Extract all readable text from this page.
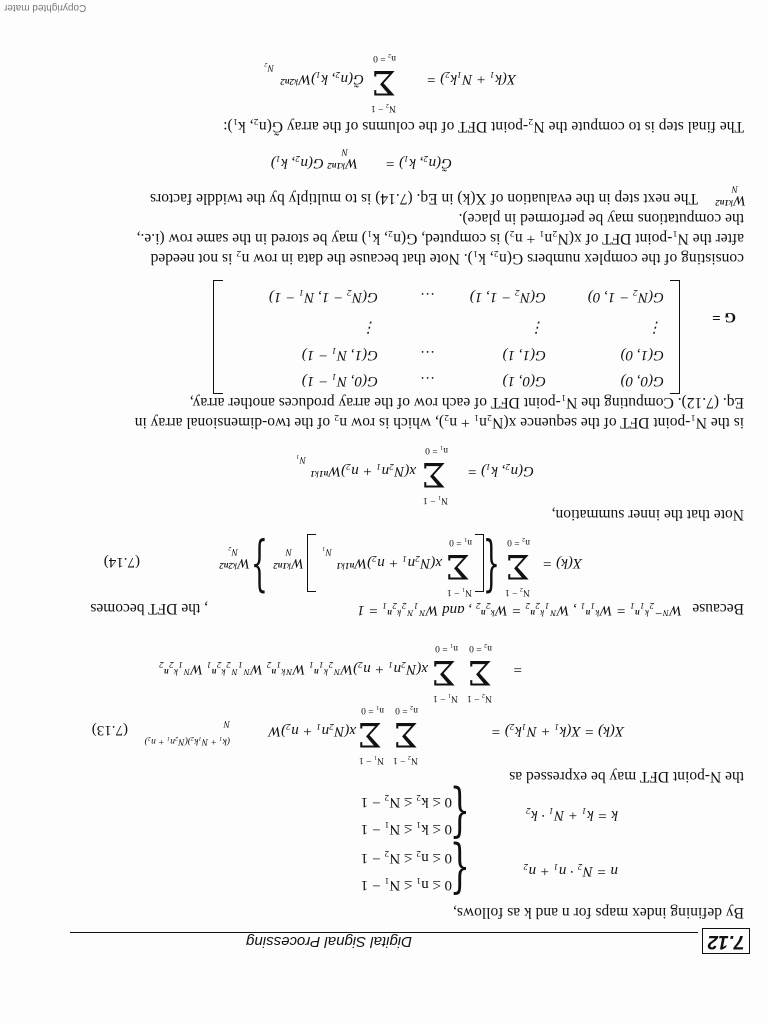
7.12
Digital Signal Processing
By defining index maps for n and k as follows,
n = N₂ · n₁ + n₂
{
0 ≤ n₁ ≤ N₁ − 1
0 ≤ n₂ ≤ N₂ − 1
k = k₁ + N₁ · k₂
{
0 ≤ k₁ ≤ N₁ − 1
0 ≤ k₂ ≤ N₂ − 1
the N-point DFT may be expressed as
X(k) = X(k₁ + N₁k₂) =
N₂ − 1
Σ
n₂ = 0
N₁ − 1
Σ
n₁ = 0
x(N₂n₁ + n₂)W
(k₁ + N₁k₂)(N₂n₁ + n₂)
N
(7.13)
=
N₂ − 1
Σ
n₂ = 0
N₁ − 1
Σ
n₁ = 0
x(N₂n₁ + n₂)Wᴺ₂ᵏ₁ⁿ₁ Wᴺᵏ₁ⁿ₂ Wᴺ₁ᴺ₂ᵏ₂ⁿ₁ Wᴺ₁ᵏ₂ⁿ₂
Because
Wᴺ⁻₂ᵏ₁ⁿ₁ = Wᵏ₁ⁿ₁ , Wᴺ₁ᵏ₂ⁿ₂ = Wᵏ₂ⁿ₂ , and Wᴺ₁ᴺ₂ᵏ₂ⁿ₁ = 1
, the DFT becomes
X(k) =
N₂ − 1
Σ
n₂ = 0
{
N₁ − 1
Σ
n₁ = 0
x(N₂n₁ + n₂)Wⁿ¹ᵏ¹
N₁
Wᵏ¹ⁿ²
N
}
Wᵏ²ⁿ²
N₂
(7.14)
Note that the inner summation,
G(n₂, k₁) =
N₁ − 1
Σ
n₁ = 0
x(N₂n₁ + n₂)Wⁿ¹ᵏ¹
N₁
is the N₁-point DFT of the sequence x(N₂n₁ + n₂), which is row n₂ of the two-dimensional array in
Eq. (7.12). Computing the N₁-point DFT of each row of the array produces another array,
G =
G(0, 0)
G(0, 1)
…
G(0, N₁ − 1)
G(1, 0)
G(1, 1)
…
G(1, N₁ − 1)
⋮
⋮
⋮
G(N₂ − 1, 0)
G(N₂ − 1, 1)
…
G(N₂ − 1, N₁ − 1)
consisting of the complex numbers G(n₂, k₁). Note that because the data in row n₂ is not needed
after the N₁-point DFT of x(N₂n₁ + n₂) is computed, G(n₂, k₁) may be stored in the same row (i.e.,
the computations may be performed in place).
The next step in the evaluation of X(k) in Eq. (7.14) is to multiply by the twiddle factors Wᵏ¹ⁿ²
N
G̃(n₂, k₁) =
Wᵏ¹ⁿ² G(n₂, k₁)
N
The final step is to compute the N₂-point DFT of the columns of the array G̃(n₂, k₁):
X(k₁ + N₁k₂) =
N₂ − 1
Σ
n₂ = 0
G̃(n₂, k₁)Wᵏ²ⁿ²
N₂
Copyrighted mater
